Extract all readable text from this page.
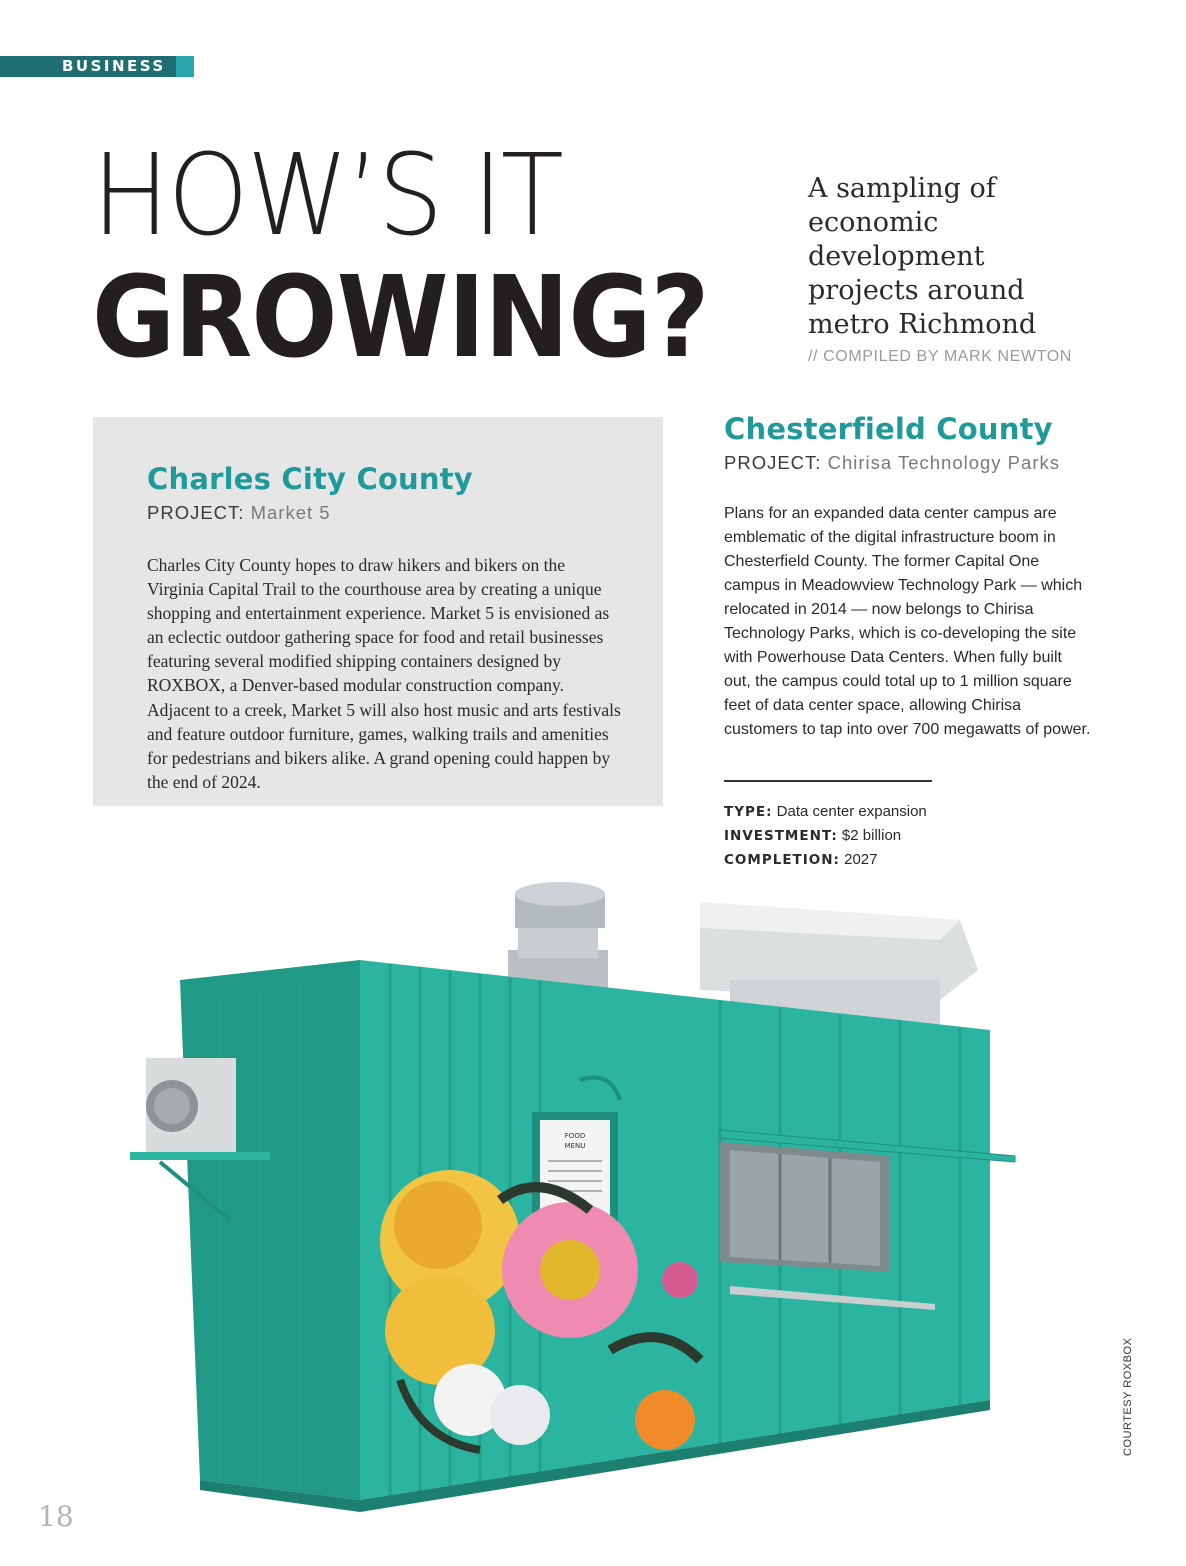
BUSINESS
HOW’S IT
GROWING?
A sampling of economic development projects around metro Richmond
// COMPILED BY MARK NEWTON
Charles City County
PROJECT: Market 5
Charles City County hopes to draw hikers and bikers on the Virginia Capital Trail to the courthouse area by creating a unique shopping and entertainment experience. Market 5 is envisioned as an eclectic outdoor gathering space for food and retail businesses featuring several modified shipping containers designed by ROXBOX, a Denver-based modular construction company. Adjacent to a creek, Market 5 will also host music and arts festivals and feature outdoor furniture, games, walking trails and amenities for pedestrians and bikers alike. A grand opening could happen by the end of 2024.
Chesterfield County
PROJECT: Chirisa Technology Parks
Plans for an expanded data center campus are emblematic of the digital infrastructure boom in Chesterfield County. The former Capital One campus in Meadowview Technology Park — which relocated in 2014 — now belongs to Chirisa Technology Parks, which is co-developing the site with Powerhouse Data Centers. When fully built out, the campus could total up to 1 million square feet of data center space, allowing Chirisa customers to tap into over 700 megawatts of power.
TYPE: Data center expansion
INVESTMENT: $2 billion
COMPLETION: 2027
FOOD
MENU
COURTESY ROXBOX
18
